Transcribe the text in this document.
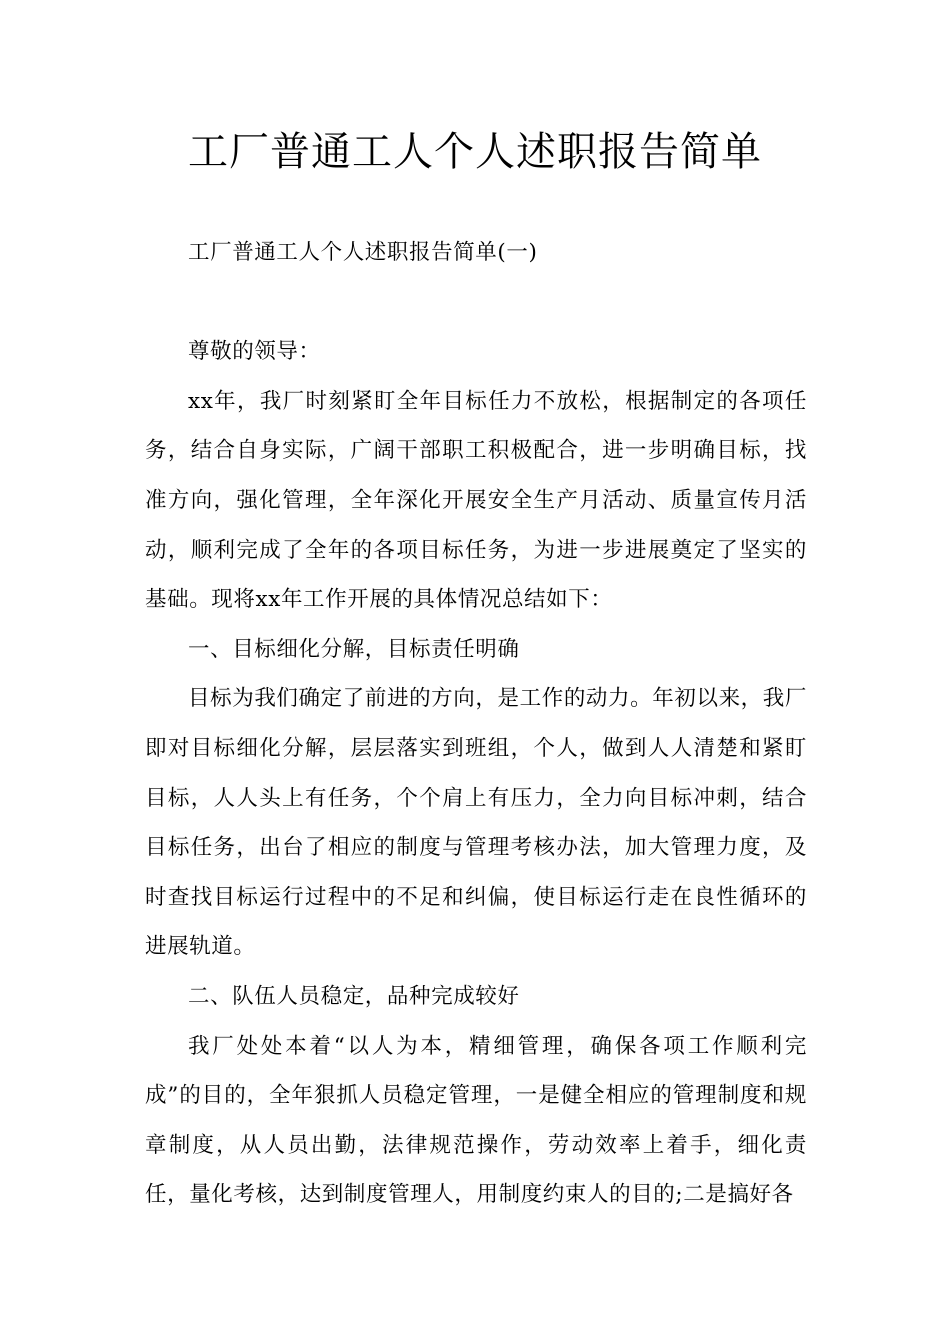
工厂普通工人个人述职报告简单

工厂普通工人个人述职报告简单(一)

尊敬的领导：

xx年，我厂时刻紧盯全年目标任力不放松，根据制定的各项任务，结合自身实际，广阔干部职工积极配合，进一步明确目标，找准方向，强化管理，全年深化开展安全生产月活动、质量宣传月活动，顺利完成了全年的各项目标任务，为进一步进展奠定了坚实的基础。现将xx年工作开展的具体情况总结如下：

一、目标细化分解，目标责任明确

目标为我们确定了前进的方向，是工作的动力。年初以来，我厂即对目标细化分解，层层落实到班组，个人，做到人人清楚和紧盯目标，人人头上有任务，个个肩上有压力，全力向目标冲刺，结合目标任务，出台了相应的制度与管理考核办法，加大管理力度，及时查找目标运行过程中的不足和纠偏，使目标运行走在良性循环的进展轨道。

二、队伍人员稳定，品种完成较好

我厂处处本着“以人为本，精细管理，确保各项工作顺利完成”的目的，全年狠抓人员稳定管理，一是健全相应的管理制度和规章制度，从人员出勤，法律规范操作，劳动效率上着手，细化责任，量化考核，达到制度管理人，用制度约束人的目的;二是搞好各
